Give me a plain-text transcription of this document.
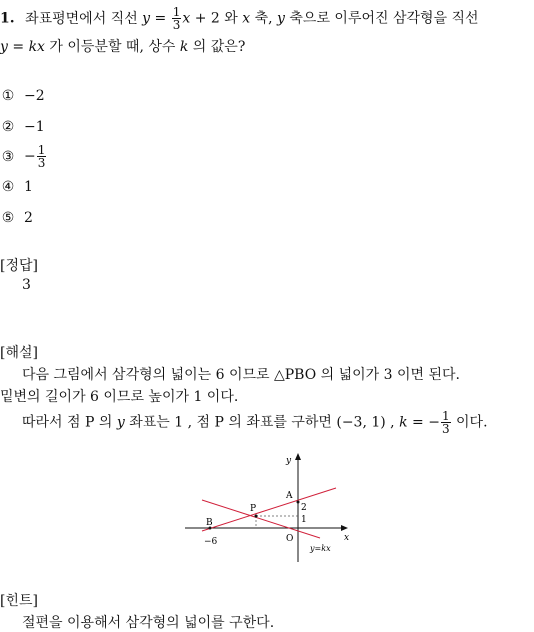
1. 좌표평면에서 직선 $y = \frac{1}{3}$ x + 2 와 x 축, y 축으로 이루어진 삼각형을 직선
y = kx 가 이등분할 때, 상수 k 의 값은?
① −2
② −1
③ − $\frac{1}{3}$
④ 1
⑤ 2
[정답]
3
[해설]
다음 그림에서 삼각형의 넓이는 6 이므로 △PBO 의 넓이가 3 이면 된다.
밑변의 길이가 6 이므로 높이가 1 이다.
따라서 점 P 의 y 좌표는 1 , 점 P 의 좌표를 구하면 (−3, 1) , k = − $\frac{1}{3}$ 이다.
y
x
A
P
B
O
2
1
−6
y=kx
[힌트]
절편을 이용해서 삼각형의 넓이를 구한다.
